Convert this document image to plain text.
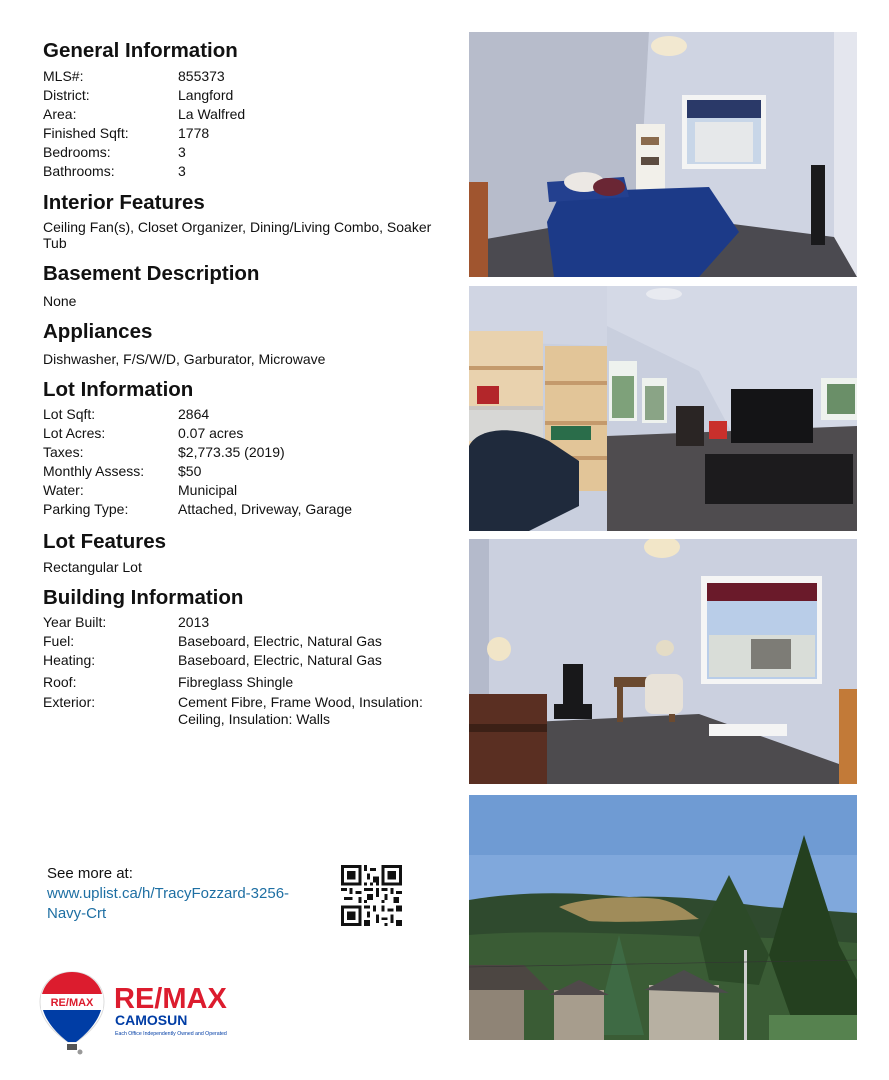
General Information
MLS#:	855373
District:	Langford
Area:	La Walfred
Finished Sqft:	1778
Bedrooms:	3
Bathrooms:	3
Interior Features
Ceiling Fan(s), Closet Organizer, Dining/Living Combo, Soaker Tub
Basement Description
None
Appliances
Dishwasher, F/S/W/D, Garburator, Microwave
Lot Information
Lot Sqft:	2864
Lot Acres:	0.07 acres
Taxes:	$2,773.35 (2019)
Monthly Assess:	$50
Water:	Municipal
Parking Type:	Attached, Driveway, Garage
Lot Features
Rectangular Lot
Building Information
Year Built:	2013
Fuel:	Baseboard, Electric, Natural Gas
Heating:	Baseboard, Electric, Natural Gas
Roof:	Fibreglass Shingle
Exterior:	Cement Fibre, Frame Wood, Insulation: Ceiling, Insulation: Walls
See more at:
www.uplist.ca/h/TracyFozzard-3256-Navy-Crt
RE/MAX RE/MAX
CAMOSUN
Each Office Independently Owned and Operated
